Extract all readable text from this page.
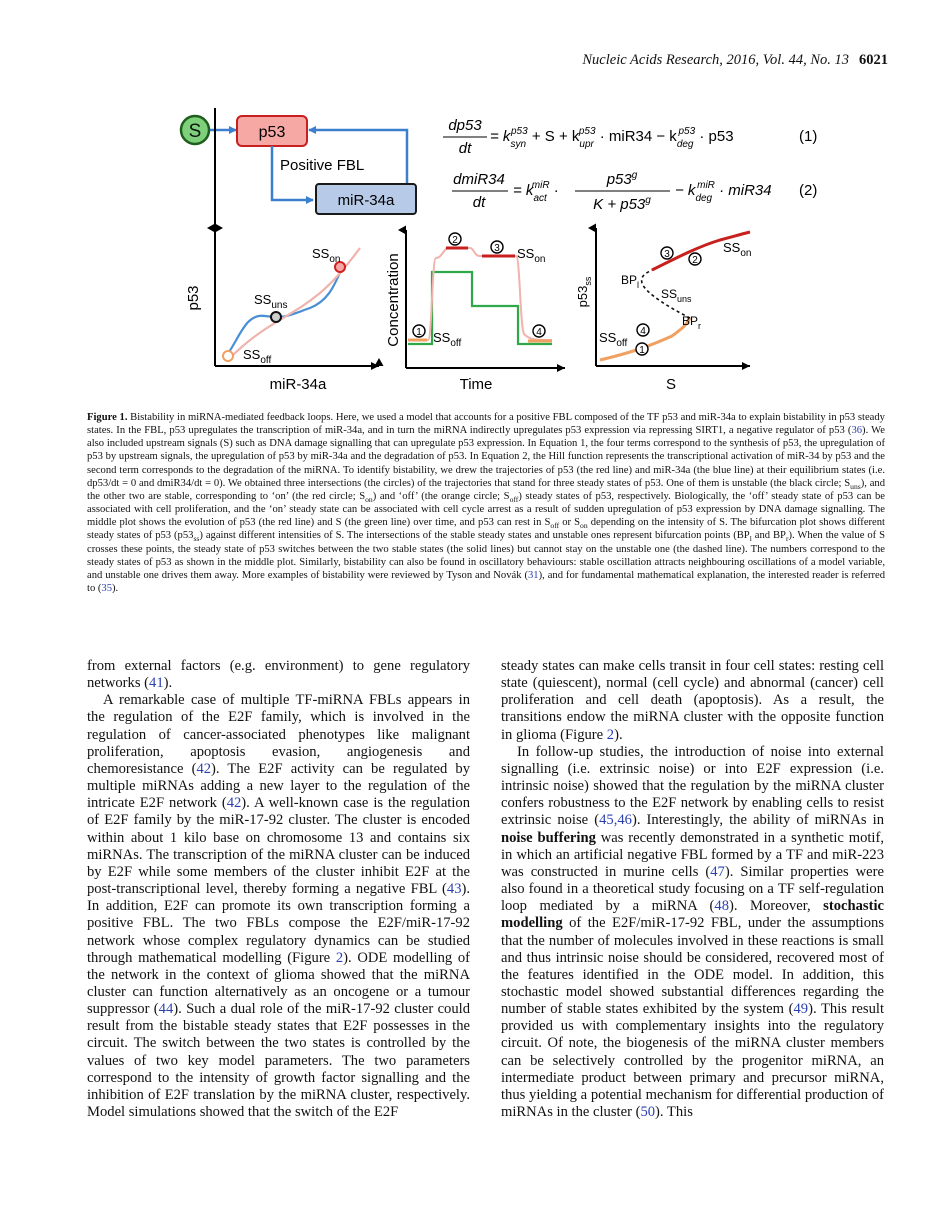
Nucleic Acids Research, 2016, Vol. 44, No. 13 6021
S	p53
Positive FBL
miR-34a
dp53
dt
= $k_{syn}p53 + S + k_{upr}p53 \cdot miR34 - k_{deg}p53 \cdot p53$	(1)
dmiR34
dt
= $k_{act}miR$ ·
$p53^g$
$K + p53^g$
− $k_{deg}miR \cdot miR34$ (2)
p53
miR-34a
$SS_{on}$
$SS_{uns}$
$SS_{off}$
1
2
3
4
Concentration
Time
$SS_{on}$
$SS_{off}$
1
2
3
4
$p53_{ss}$
S
$SS_{on}$
$SS_{uns}$
$SS_{off}$
$BP_l$
$BP_r$
Figure 1. Bistability in miRNA-mediated feedback loops. Here, we used a model that accounts for a positive FBL composed of the TF p53 and miR-34a to explain bistability in p53 steady states. In the FBL, p53 upregulates the transcription of miR-34a, and in turn the miRNA indirectly upregulates p53 expression via repressing SIRT1, a negative regulator of p53 (36). We also included upstream signals (S) such as DNA damage signalling that can upregulate p53 expression. In Equation 1, the four terms correspond to the synthesis of p53, the upregulation of p53 by upstream signals, the upregulation of p53 by miR-34a and the degradation of p53. In Equation 2, the Hill function represents the transcriptional activation of miR-34 by p53 and the second term corresponds to the degradation of the miRNA. To identify bistability, we drew the trajectories of p53 (the red line) and miR-34a (the blue line) at their equilibrium states (i.e. dp53/dt = 0 and dmiR34/dt = 0). We obtained three intersections (the circles) of the trajectories that stand for three steady states of p53. One of them is unstable (the black circle; $S_{uns}$), and the other two are stable, corresponding to ‘on’ (the red circle; $S_{on}$) and ‘off’ (the orange circle; $S_{off}$) steady states of p53, respectively. Biologically, the ‘off’ steady state of p53 can be associated with cell proliferation, and the ‘on’ steady state can be associated with cell cycle arrest as a result of sudden upregulation of p53 expression by DNA damage signalling. The middle plot shows the evolution of p53 (the red line) and S (the green line) over time, and p53 can rest in $S_{off}$ or $S_{on}$ depending on the intensity of S. The bifurcation plot shows different steady states of p53 $(p53_{ss})$ against different intensities of S. The intersections of the stable steady states and unstable ones represent bifurcation points ($BP_l$ and $BP_r$). When the value of S crosses these points, the steady state of p53 switches between the two stable states (the solid lines) but cannot stay on the unstable one (the dashed line). The numbers correspond to the steady states of p53 as shown in the middle plot. Similarly, bistability can also be found in oscillatory behaviours: stable oscillation attracts neighbouring oscillations of a model variable, and unstable one drives them away. More examples of bistability were reviewed by Tyson and Novák (31), and for fundamental mathematical explanation, the interested reader is referred to (35).

from external factors (e.g. environment) to gene regulatory networks (41).

A remarkable case of multiple TF-miRNA FBLs appears in the regulation of the E2F family, which is involved in the regulation of cancer-associated phenotypes like malignant proliferation, apoptosis evasion, angiogenesis and chemoresistance (42). The E2F activity can be regulated by multiple miRNAs adding a new layer to the regulation of the intricate E2F network (42). A well-known case is the regulation of E2F family by the miR-17-92 cluster. The cluster is encoded within about 1 kilo base on chromosome 13 and contains six miRNAs. The transcription of the miRNA cluster can be induced by E2F while some members of the cluster inhibit E2F at the post-transcriptional level, thereby forming a negative FBL (43). In addition, E2F can promote its own transcription forming a positive FBL. The two FBLs compose the E2F/miR-17-92 network whose complex regulatory dynamics can be studied through mathematical modelling (Figure 2). ODE modelling of the network in the context of glioma showed that the miRNA cluster can function alternatively as an oncogene or a tumour suppressor (44). Such a dual role of the miR-17-92 cluster could result from the bistable steady states that E2F possesses in the circuit. The switch between the two states is controlled by the values of two key model parameters. The two parameters correspond to the intensity of growth factor signalling and the inhibition of E2F translation by the miRNA cluster, respectively. Model simulations showed that the switch of the E2F

steady states can make cells transit in four cell states: resting cell state (quiescent), normal (cell cycle) and abnormal (cancer) cell proliferation and cell death (apoptosis). As a result, the transitions endow the miRNA cluster with the opposite function in glioma (Figure 2).

In follow-up studies, the introduction of noise into external signalling (i.e. extrinsic noise) or into E2F expression (i.e. intrinsic noise) showed that the regulation by the miRNA cluster confers robustness to the E2F network by enabling cells to resist extrinsic noise (45,46). Interestingly, the ability of miRNAs in noise buffering was recently demonstrated in a synthetic motif, in which an artificial negative FBL formed by a TF and miR-223 was constructed in murine cells (47). Similar properties were also found in a theoretical study focusing on a TF self-regulation loop mediated by a miRNA (48). Moreover, stochastic modelling of the E2F/miR-17-92 FBL, under the assumptions that the number of molecules involved in these reactions is small and thus intrinsic noise should be considered, recovered most of the features identified in the ODE model. In addition, this stochastic model showed substantial differences regarding the number of stable states exhibited by the system (49). This result provided us with complementary insights into the regulatory circuit. Of note, the biogenesis of the miRNA cluster members can be selectively controlled by the progenitor miRNA, an intermediate product between primary and precursor miRNA, thus yielding a potential mechanism for differential production of miRNAs in the cluster (50). This
